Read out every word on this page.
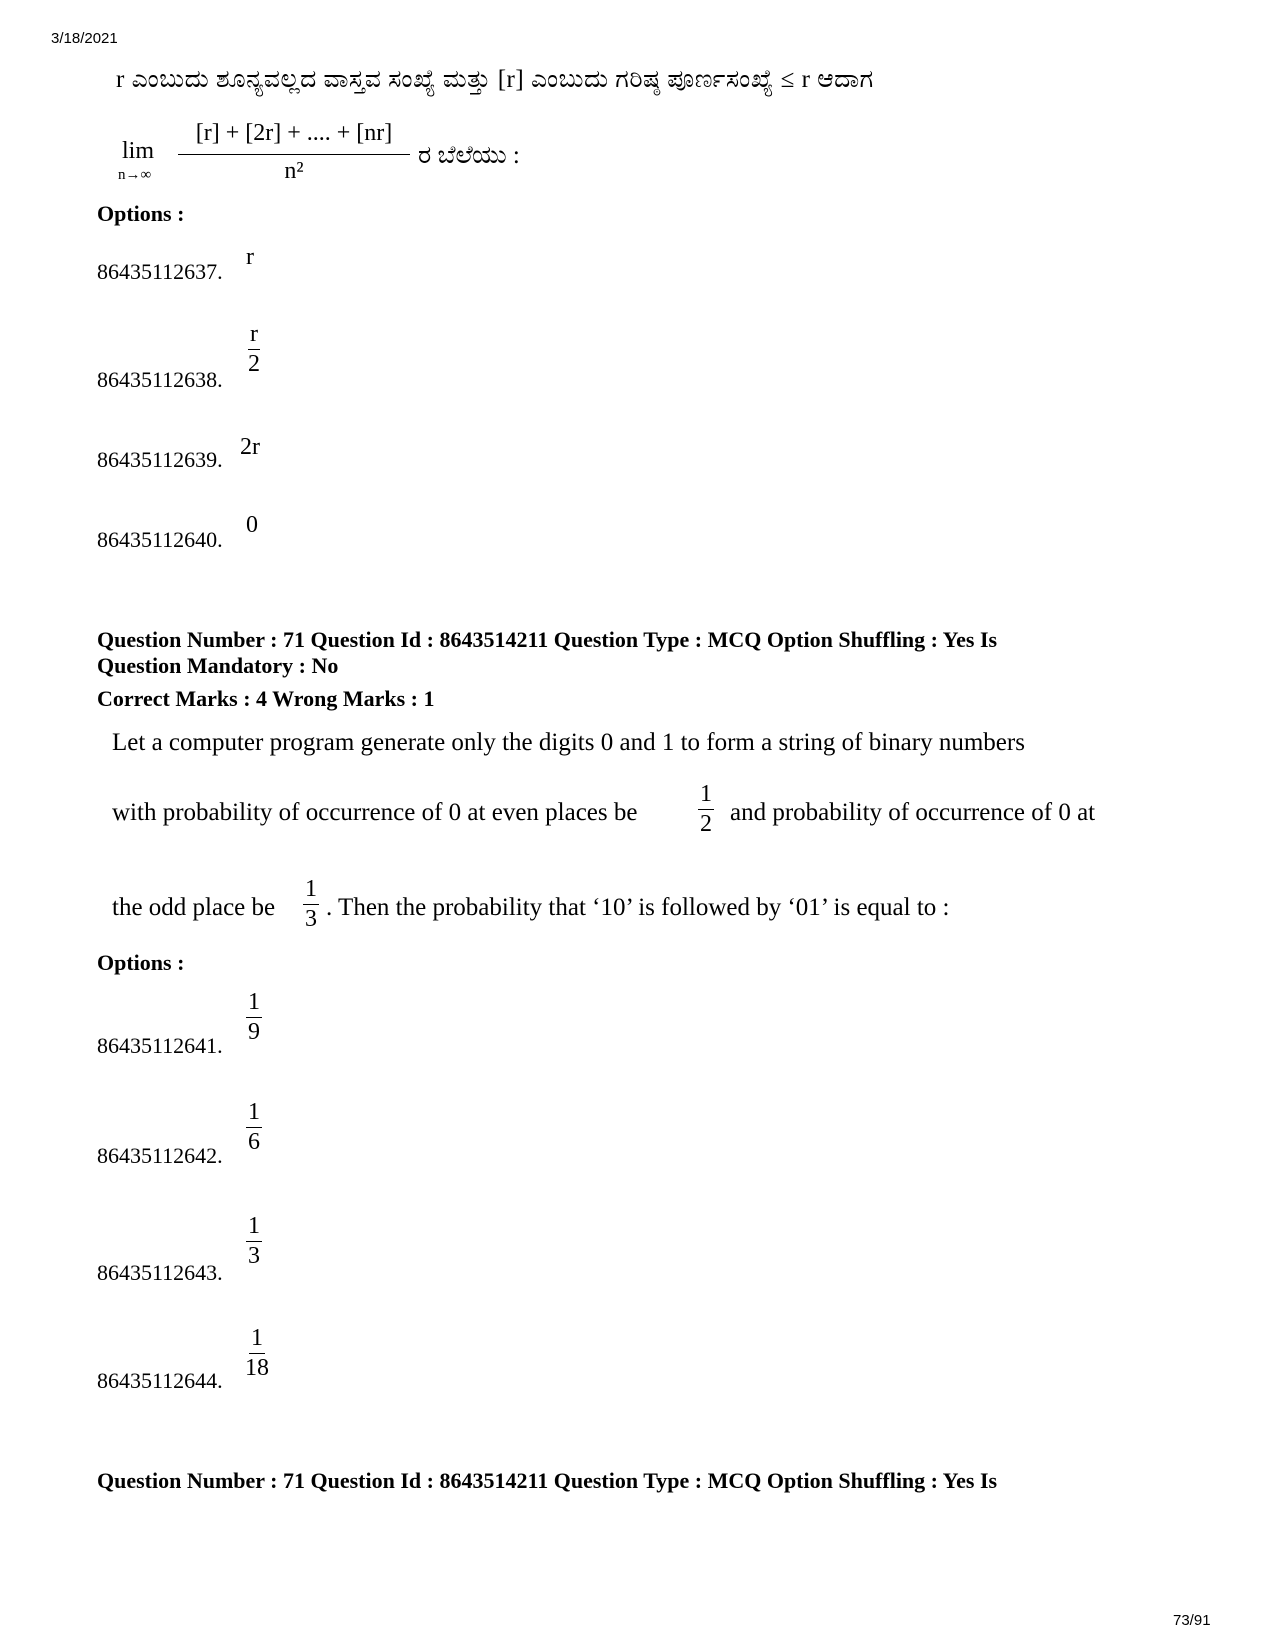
3/18/2021
r ಎಂಬುದು ಶೂನ್ಯವಲ್ಲದ ವಾಸ್ತವ ಸಂಖ್ಯೆ ಮತ್ತು [r] ಎಂಬುದು ಗರಿಷ್ಠ ಪೂರ್ಣಸಂಖ್ಯೆ ≤ r ಆದಾಗ
lim
n→∞
[r] + [2r] + .... + [nr]
n²
ರ ಬೆಲೆಯು :
Options :
86435112637.
r
86435112638.
$\frac{r}{2}$
86435112639. 2r
86435112640.
0
Question Number : 71 Question Id : 8643514211 Question Type : MCQ Option Shuffling : Yes Is
Question Mandatory : No
Correct Marks : 4 Wrong Marks : 1
Let a computer program generate only the digits 0 and 1 to form a string of binary numbers
with probability of occurrence of 0 at even places be	$\frac{1}{2}$ and probability of occurrence of 0 at
the odd place be $\frac{1}{3}$ . Then the probability that ‘10’ is followed by ‘01’ is equal to :
Options :
86435112641.
$\frac{1}{9}$
86435112642.
$\frac{1}{6}$
86435112643.
$\frac{1}{3}$
86435112644. $\frac{1}{18}$
Question Number : 71 Question Id : 8643514211 Question Type : MCQ Option Shuffling : Yes Is
73/91
